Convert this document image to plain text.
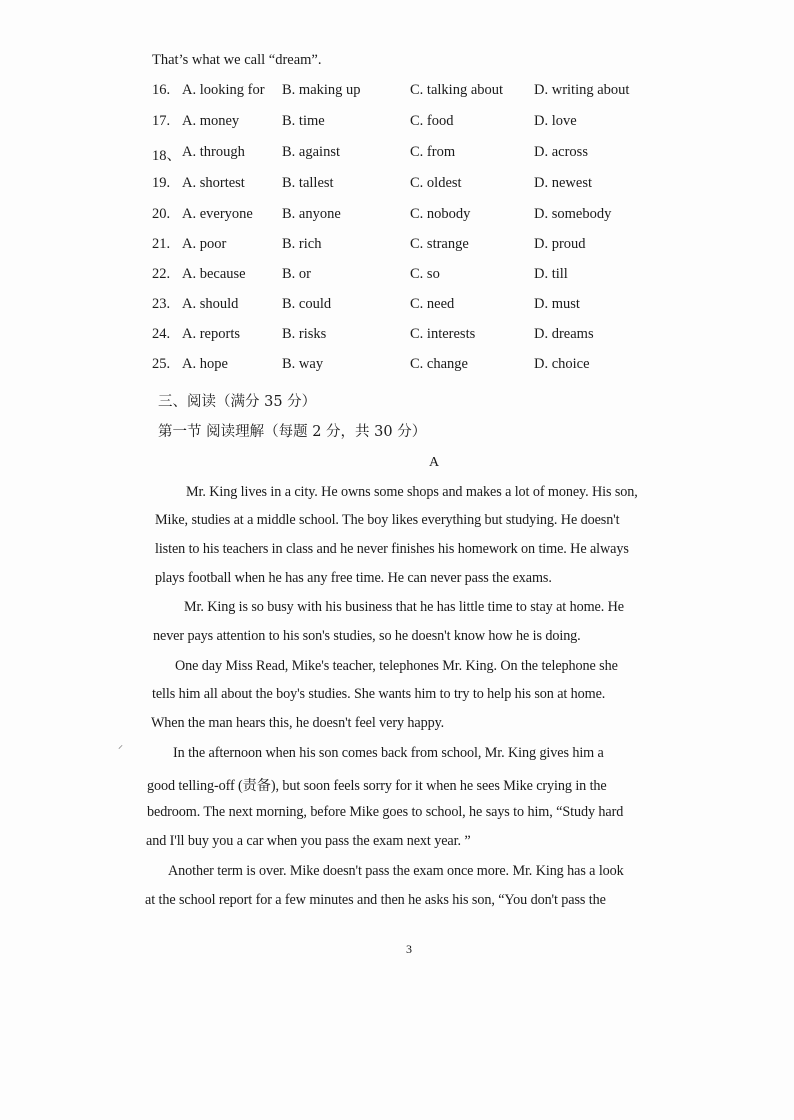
That’s what we call “dream”.
16. A. looking for B. making up	C. talking about D. writing about
17. A. money	B. time	C. food	D. love
18、 A. through	B. against	C. from	D. across
19. A. shortest	B. tallest	C. oldest	D. newest
20. A. everyone B. anyone	C. nobody	D. somebody
21. A. poor	B. rich	C. strange	D. proud
22. A. because	B. or	C. so	D. till
23. A. should	B. could	C. need	D. must
24. A. reports	B. risks	C. interests	D. dreams
25. A. hope	B. way	C. change	D. choice
三、阅读（满分 35 分）
第一节 阅读理解（每题 2 分，共 30 分）
A
Mr. King lives in a city. He owns some shops and makes a lot of money. His son,
Mike, studies at a middle school. The boy likes everything but studying. He doesn't
listen to his teachers in class and he never finishes his homework on time. He always
plays football when he has any free time. He can never pass the exams.
Mr. King is so busy with his business that he has little time to stay at home. He
never pays attention to his son's studies, so he doesn't know how he is doing.
One day Miss Read, Mike's teacher, telephones Mr. King. On the telephone she
tells him all about the boy's studies. She wants him to try to help his son at home.
When the man hears this, he doesn't feel very happy.
In the afternoon when his son comes back from school, Mr. King gives him a
good telling-off (责备), but soon feels sorry for it when he sees Mike crying in the
bedroom. The next morning, before Mike goes to school, he says to him, “Study hard
and I'll buy you a car when you pass the exam next year. ”
Another term is over. Mike doesn't pass the exam once more. Mr. King has a look
at the school report for a few minutes and then he asks his son, “You don't pass the
⸝
3
